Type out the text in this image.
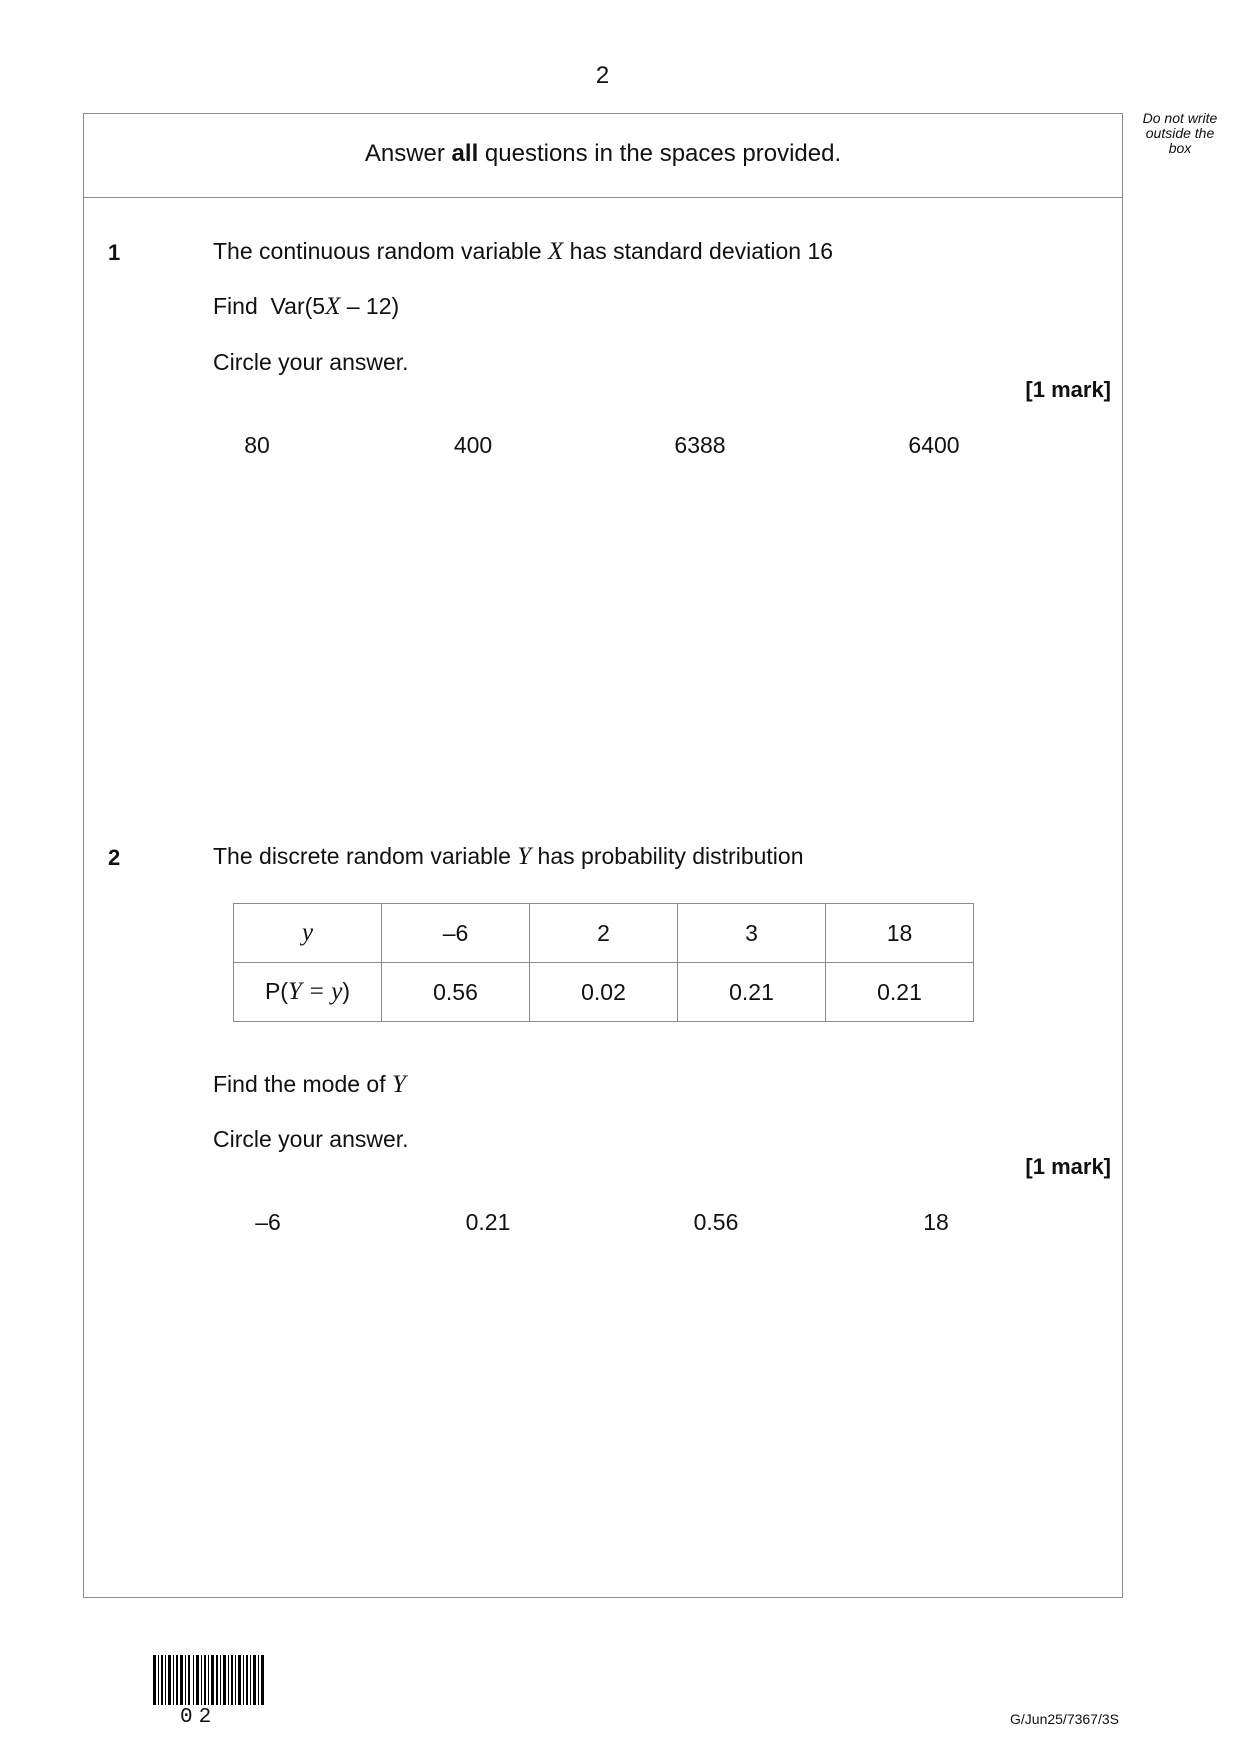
2
Do not write
outside the
box
Answer all questions in the spaces provided.
1	The continuous random variable X has standard deviation 16
Find  Var(5X – 12)
Circle your answer.
[1 mark]
80	400	6388	6400
2	The discrete random variable Y has probability distribution
y	–6	2	3	18
P(Y = y)	0.56	0.02	0.21	0.21
Find the mode of Y
Circle your answer.
[1 mark]
–6	0.21	0.56	18
02	G/Jun25/7367/3S
